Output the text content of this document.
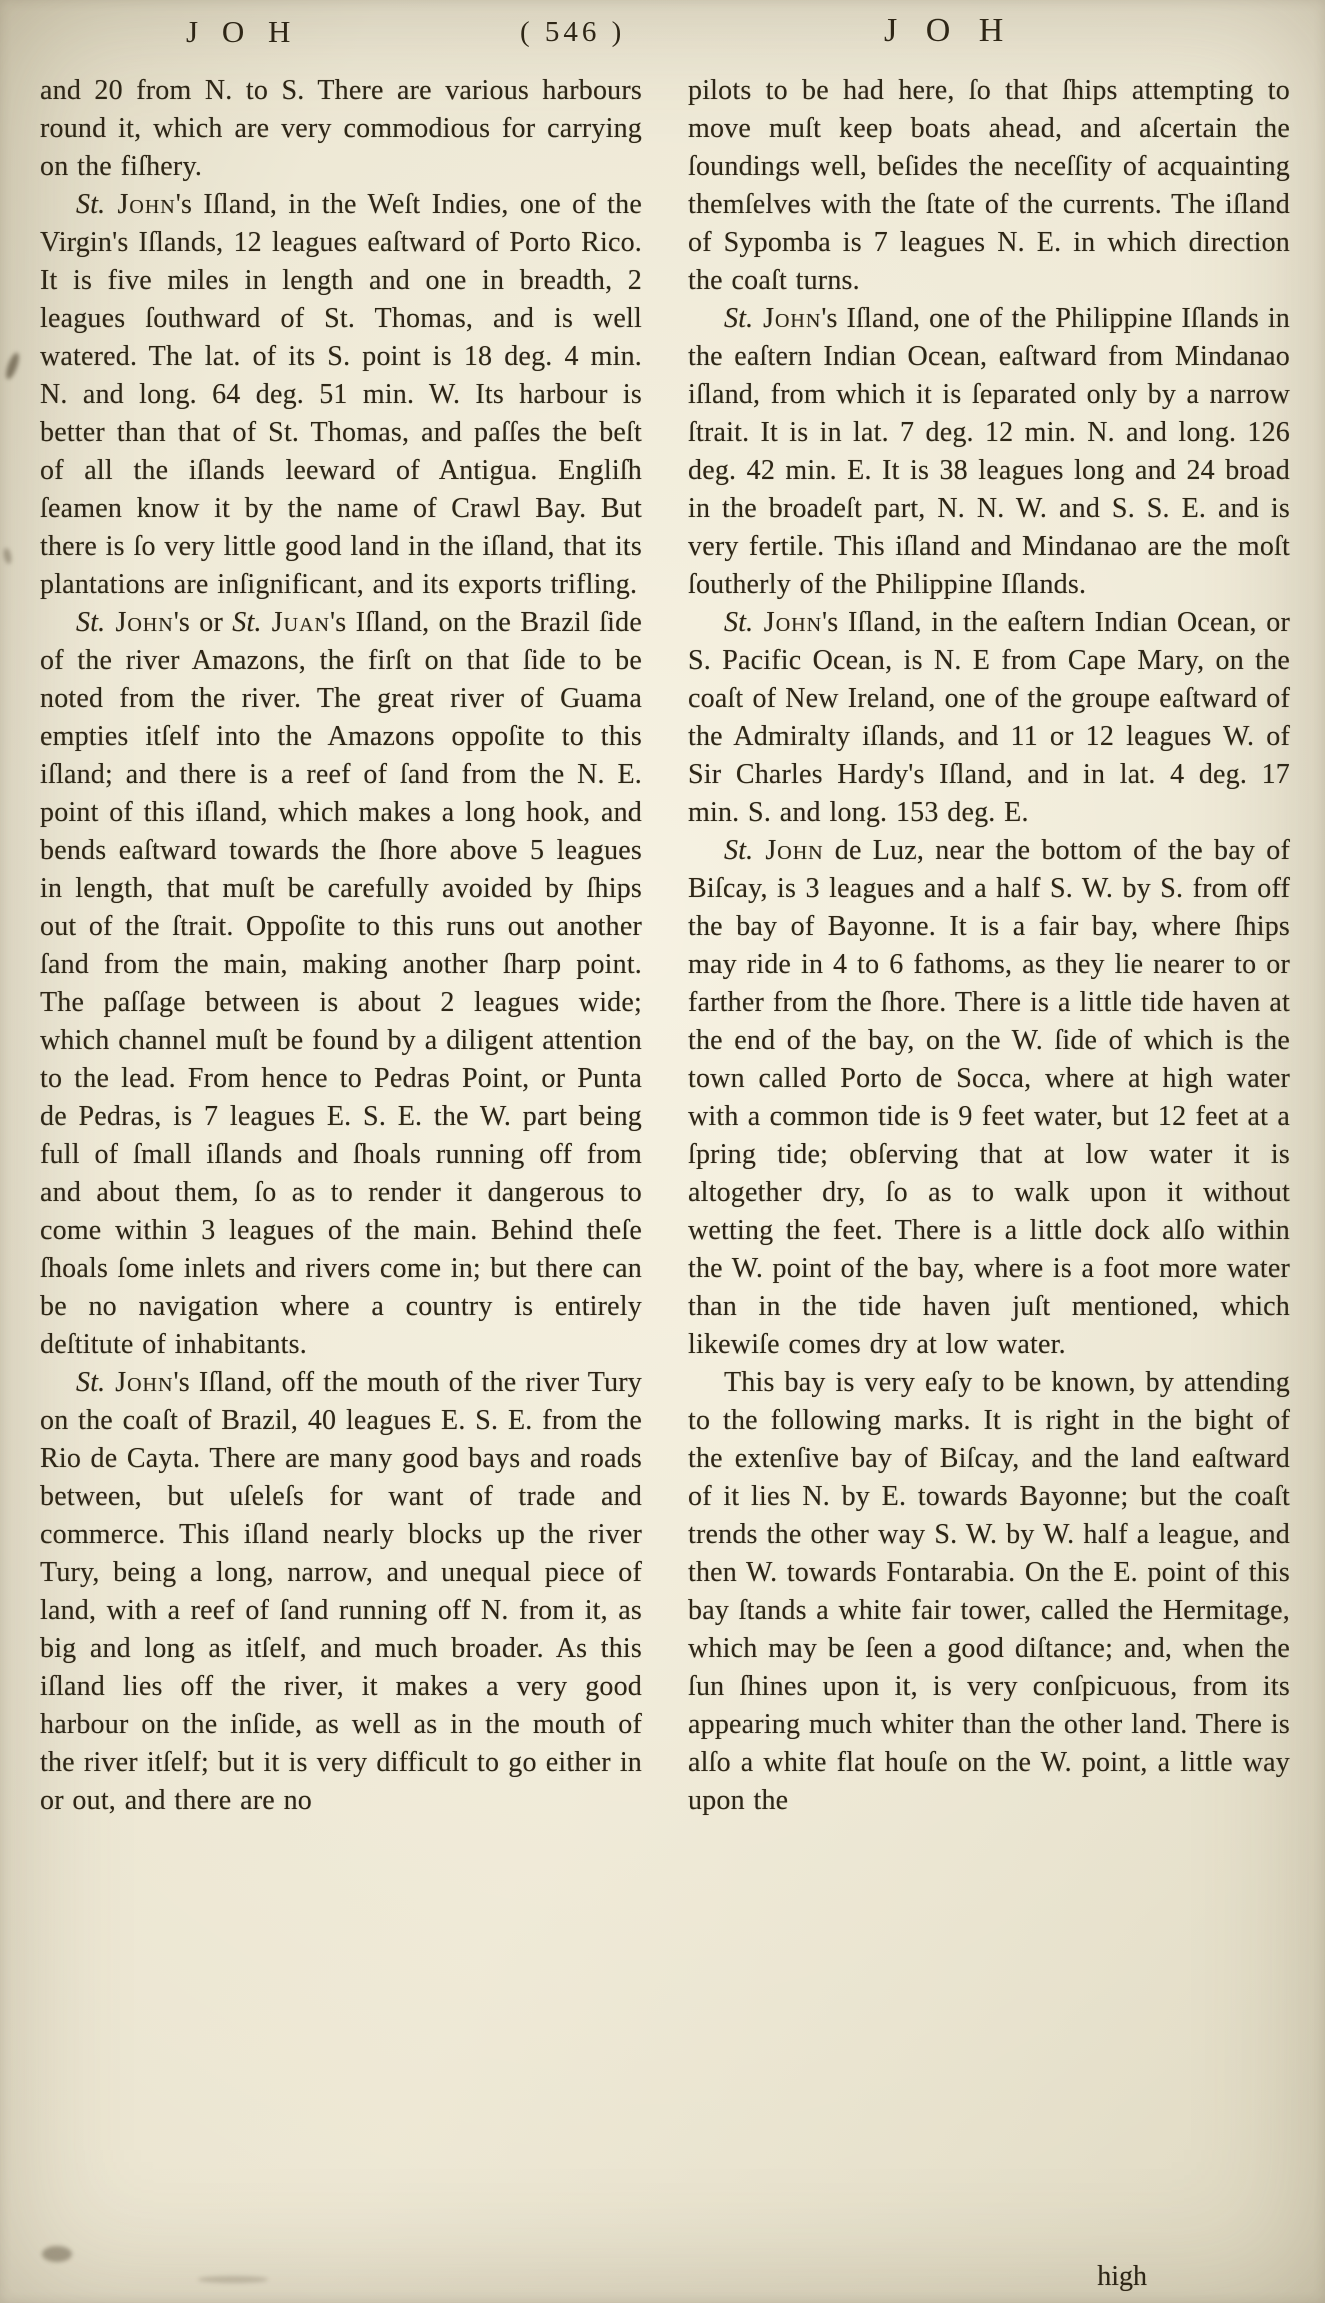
J O H	( 546 )	J O H

and 20 from N. to S. There are various harbours round it, which are very commodious for carrying on the fiſhery.

St. John's Iſland, in the Weſt Indies, one of the Virgin's Iſlands, 12 leagues eaſtward of Porto Rico. It is five miles in length and one in breadth, 2 leagues ſouthward of St. Thomas, and is well watered. The lat. of its S. point is 18 deg. 4 min. N. and long. 64 deg. 51 min. W. Its harbour is better than that of St. Thomas, and paſſes the beſt of all the iſlands leeward of Antigua. Engliſh ſeamen know it by the name of Crawl Bay. But there is ſo very little good land in the iſland, that its plantations are inſignificant, and its exports trifling.

St. John's or St. Juan's Iſland, on the Brazil ſide of the river Amazons, the firſt on that ſide to be noted from the river. The great river of Guama empties itſelf into the Amazons oppoſite to this iſland; and there is a reef of ſand from the N. E. point of this iſland, which makes a long hook, and bends eaſtward towards the ſhore above 5 leagues in length, that muſt be carefully avoided by ſhips out of the ſtrait. Oppoſite to this runs out another ſand from the main, making another ſharp point. The paſſage between is about 2 leagues wide; which channel muſt be found by a diligent attention to the lead. From hence to Pedras Point, or Punta de Pedras, is 7 leagues E. S. E. the W. part being full of ſmall iſlands and ſhoals running off from and about them, ſo as to render it dangerous to come within 3 leagues of the main. Behind theſe ſhoals ſome inlets and rivers come in; but there can be no navigation where a country is entirely deſtitute of inhabitants.

St. John's Iſland, off the mouth of the river Tury on the coaſt of Brazil, 40 leagues E. S. E. from the Rio de Cayta. There are many good bays and roads between, but uſeleſs for want of trade and commerce. This iſland nearly blocks up the river Tury, being a long, narrow, and unequal piece of land, with a reef of ſand running off N. from it, as big and long as itſelf, and much broader. As this iſland lies off the river, it makes a very good harbour on the inſide, as well as in the mouth of the river itſelf; but it is very difficult to go either in or out, and there are no

pilots to be had here, ſo that ſhips attempting to move muſt keep boats ahead, and aſcertain the ſoundings well, beſides the neceſſity of acquainting themſelves with the ſtate of the currents. The iſland of Sypomba is 7 leagues N. E. in which direction the coaſt turns.

St. John's Iſland, one of the Philippine Iſlands in the eaſtern Indian Ocean, eaſtward from Mindanao iſland, from which it is ſeparated only by a narrow ſtrait. It is in lat. 7 deg. 12 min. N. and long. 126 deg. 42 min. E. It is 38 leagues long and 24 broad in the broadeſt part, N. N. W. and S. S. E. and is very fertile. This iſland and Mindanao are the moſt ſoutherly of the Philippine Iſlands.

St. John's Iſland, in the eaſtern Indian Ocean, or S. Pacific Ocean, is N. E from Cape Mary, on the coaſt of New Ireland, one of the groupe eaſtward of the Admiralty iſlands, and 11 or 12 leagues W. of Sir Charles Hardy's Iſland, and in lat. 4 deg. 17 min. S. and long. 153 deg. E.

St. John de Luz, near the bottom of the bay of Biſcay, is 3 leagues and a half S. W. by S. from off the bay of Bayonne. It is a fair bay, where ſhips may ride in 4 to 6 fathoms, as they lie nearer to or farther from the ſhore. There is a little tide haven at the end of the bay, on the W. ſide of which is the town called Porto de Socca, where at high water with a common tide is 9 feet water, but 12 feet at a ſpring tide; obſerving that at low water it is altogether dry, ſo as to walk upon it without wetting the feet. There is a little dock alſo within the W. point of the bay, where is a foot more water than in the tide haven juſt mentioned, which likewiſe comes dry at low water.

This bay is very eaſy to be known, by attending to the following marks. It is right in the bight of the extenſive bay of Biſcay, and the land eaſtward of it lies N. by E. towards Bayonne; but the coaſt trends the other way S. W. by W. half a league, and then W. towards Fontarabia. On the E. point of this bay ſtands a white fair tower, called the Hermitage, which may be ſeen a good diſtance; and, when the ſun ſhines upon it, is very conſpicuous, from its appearing much whiter than the other land. There is alſo a white flat houſe on the W. point, a little way upon the

high
